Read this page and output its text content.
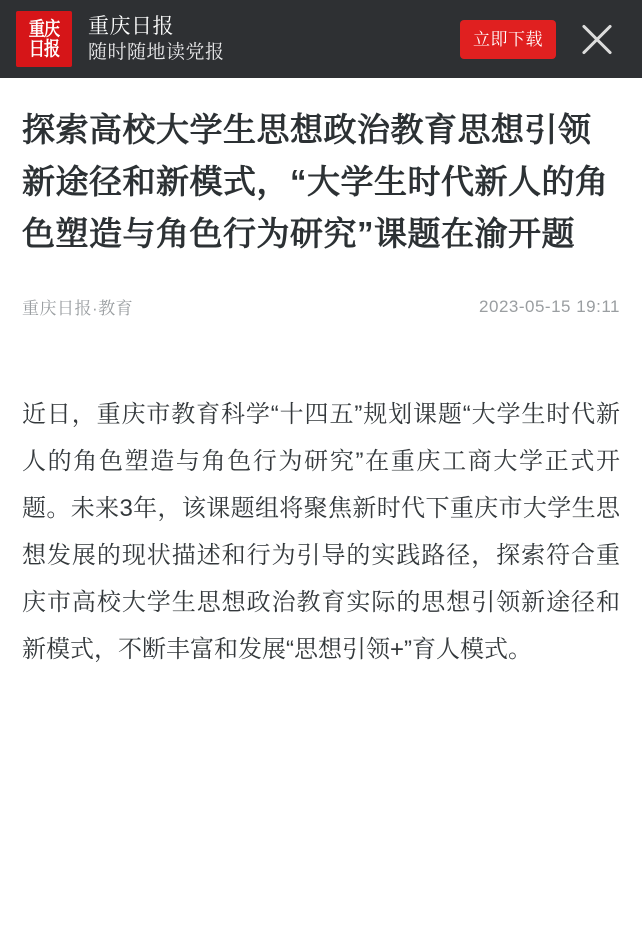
重庆
日报
重庆日报
随时随地读党报
立即下载
探索高校大学生思想政治教育思想引领新途径和新模式，“大学生时代新人的角色塑造与角色行为研究”课题在渝开题
重庆日报·教育	2023-05-15 19:11

近日，重庆市教育科学“十四五”规划课题“大学生时代新人的角色塑造与角色行为研究”在重庆工商大学正式开题。未来3年，该课题组将聚焦新时代下重庆市大学生思想发展的现状描述和行为引导的实践路径，探索符合重庆市高校大学生思想政治教育实际的思想引领新途径和新模式，不断丰富和发展“思想引领+”育人模式。
